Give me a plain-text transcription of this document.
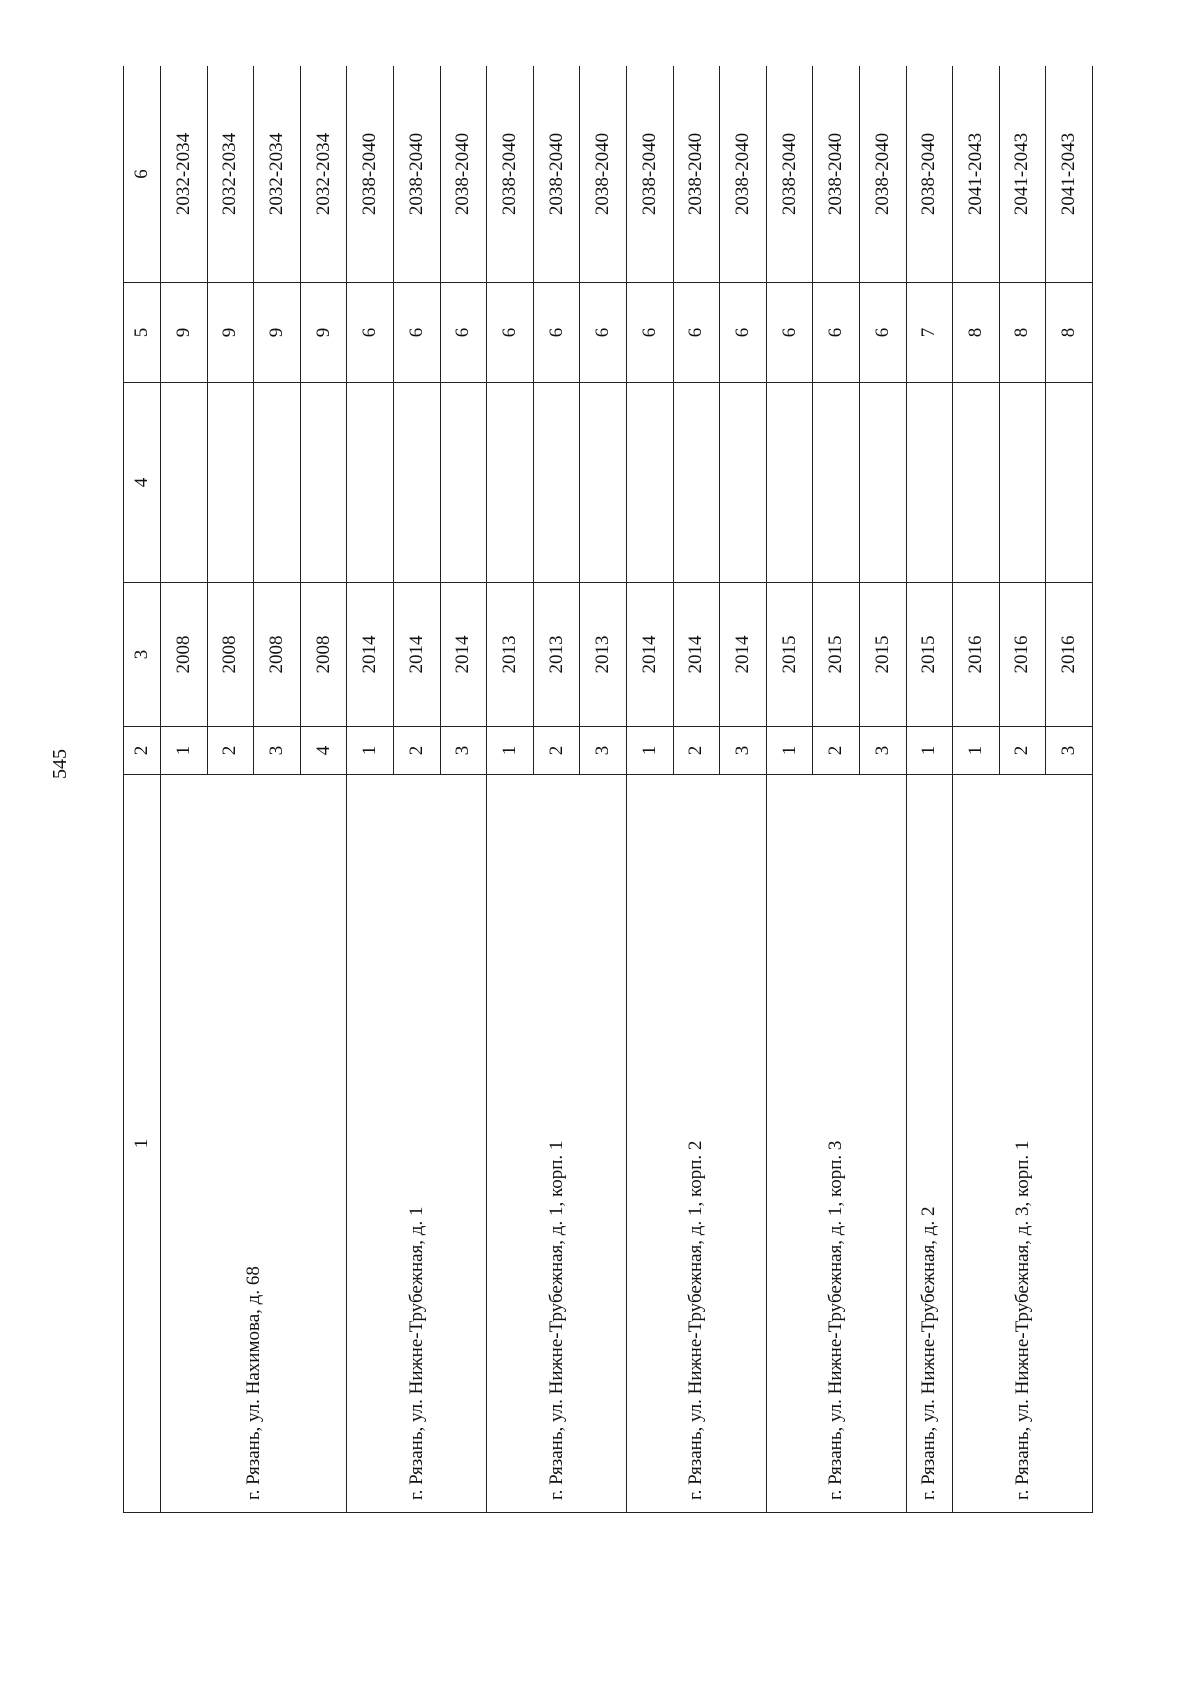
545
1	2	3	4	5	6
г. Рязань, ул. Нахимова, д. 68	1	2008		9	2032-2034
	2	2008		9	2032-2034
	3	2008		9	2032-2034
	4	2008		9	2032-2034
г. Рязань, ул. Нижне-Трубежная, д. 1	1	2014		6	2038-2040
	2	2014		6	2038-2040
	3	2014		6	2038-2040
г. Рязань, ул. Нижне-Трубежная, д. 1, корп. 1	1	2013		6	2038-2040
	2	2013		6	2038-2040
	3	2013		6	2038-2040
г. Рязань, ул. Нижне-Трубежная, д. 1, корп. 2	1	2014		6	2038-2040
	2	2014		6	2038-2040
	3	2014		6	2038-2040
г. Рязань, ул. Нижне-Трубежная, д. 1, корп. 3	1	2015		6	2038-2040
	2	2015		6	2038-2040
	3	2015		6	2038-2040
г. Рязань, ул. Нижне-Трубежная, д. 2	1	2015		7	2038-2040
г. Рязань, ул. Нижне-Трубежная, д. 3, корп. 1	1	2016		8	2041-2043
	2	2016		8	2041-2043
	3	2016		8	2041-2043
